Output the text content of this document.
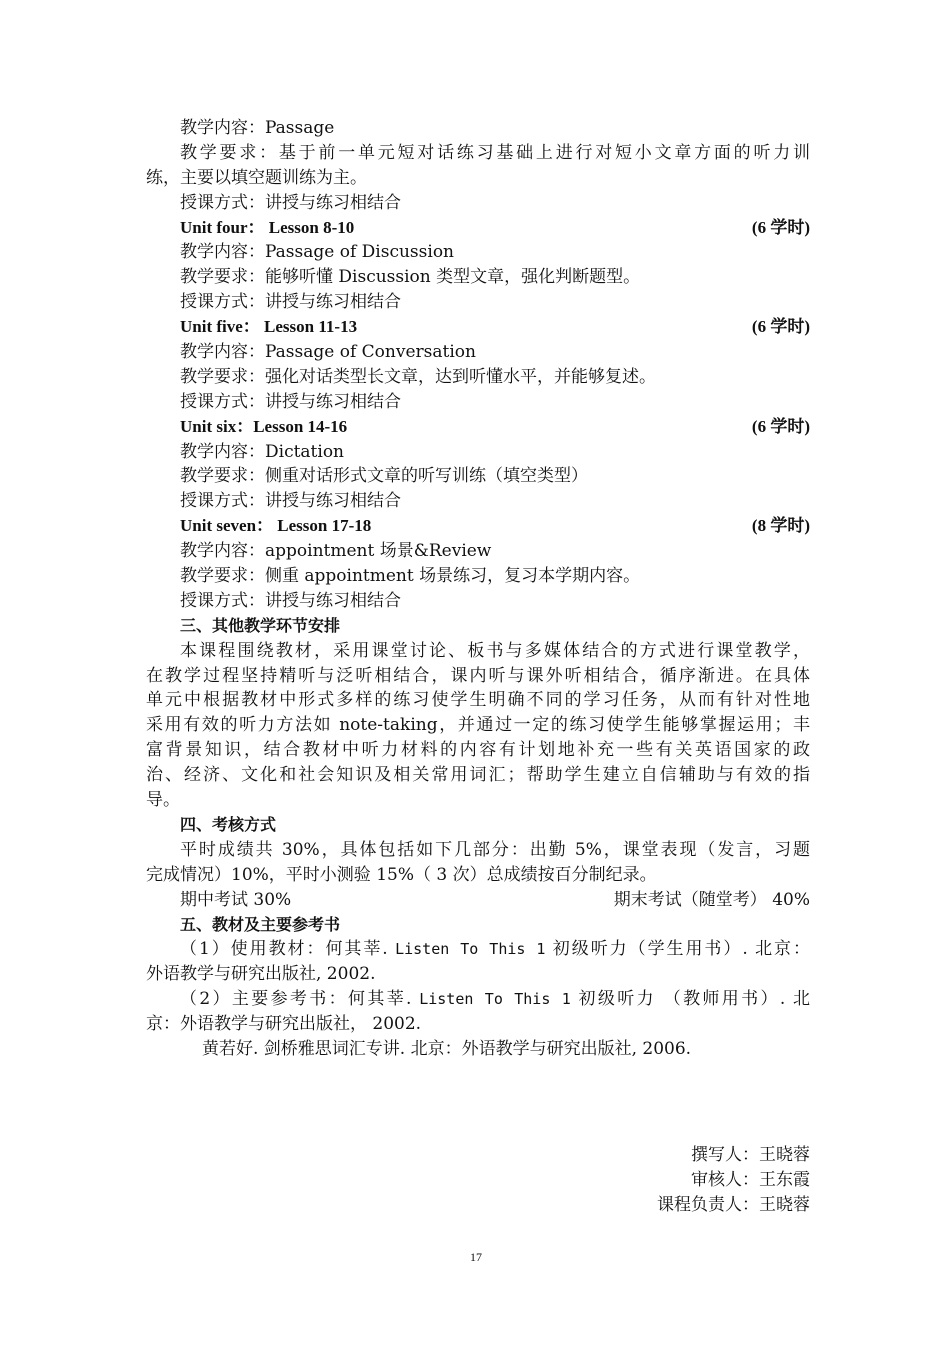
教学内容：Passage
教学要求：基于前一单元短对话练习基础上进行对短小文章方面的听力训
练，主要以填空题训练为主。
授课方式：讲授与练习相结合
Unit four： Lesson 8-10	(6 学时)
教学内容：Passage of Discussion
教学要求：能够听懂 Discussion 类型文章，强化判断题型。
授课方式：讲授与练习相结合
Unit five： Lesson 11-13	(6 学时)
教学内容：Passage of Conversation
教学要求：强化对话类型长文章，达到听懂水平，并能够复述。
授课方式：讲授与练习相结合
Unit six：Lesson 14-16	(6 学时)
教学内容：Dictation
教学要求：侧重对话形式文章的听写训练（填空类型）
授课方式：讲授与练习相结合
Unit seven： Lesson 17-18	(8 学时)
教学内容：appointment 场景&Review
教学要求：侧重 appointment 场景练习，复习本学期内容。
授课方式：讲授与练习相结合
三、其他教学环节安排
本课程围绕教材，采用课堂讨论、板书与多媒体结合的方式进行课堂教学，
在教学过程坚持精听与泛听相结合，课内听与课外听相结合，循序渐进。在具体
单元中根据教材中形式多样的练习使学生明确不同的学习任务，从而有针对性地
采用有效的听力方法如 note-taking，并通过一定的练习使学生能够掌握运用；丰
富背景知识，结合教材中听力材料的内容有计划地补充一些有关英语国家的政
治、经济、文化和社会知识及相关常用词汇；帮助学生建立自信辅助与有效的指
导。
四、考核方式
平时成绩共 30%，具体包括如下几部分：出勤 5%，课堂表现（发言，习题
完成情况）10%，平时小测验 15%（ 3 次）总成绩按百分制纪录。
期中考试 30%	期末考试（随堂考） 40%
五、教材及主要参考书
（1）使用教材：何其莘. Listen To This 1 初级听力（学生用书）. 北京：
外语教学与研究出版社, 2002.
（2）主要参考书：何其莘. Listen To This 1 初级听力 （教师用书）. 北
京：外语教学与研究出版社， 2002.
黄若好. 剑桥雅思词汇专讲. 北京：外语教学与研究出版社, 2006.
撰写人：王晓蓉
审核人：王东霞
课程负责人：王晓蓉
17
